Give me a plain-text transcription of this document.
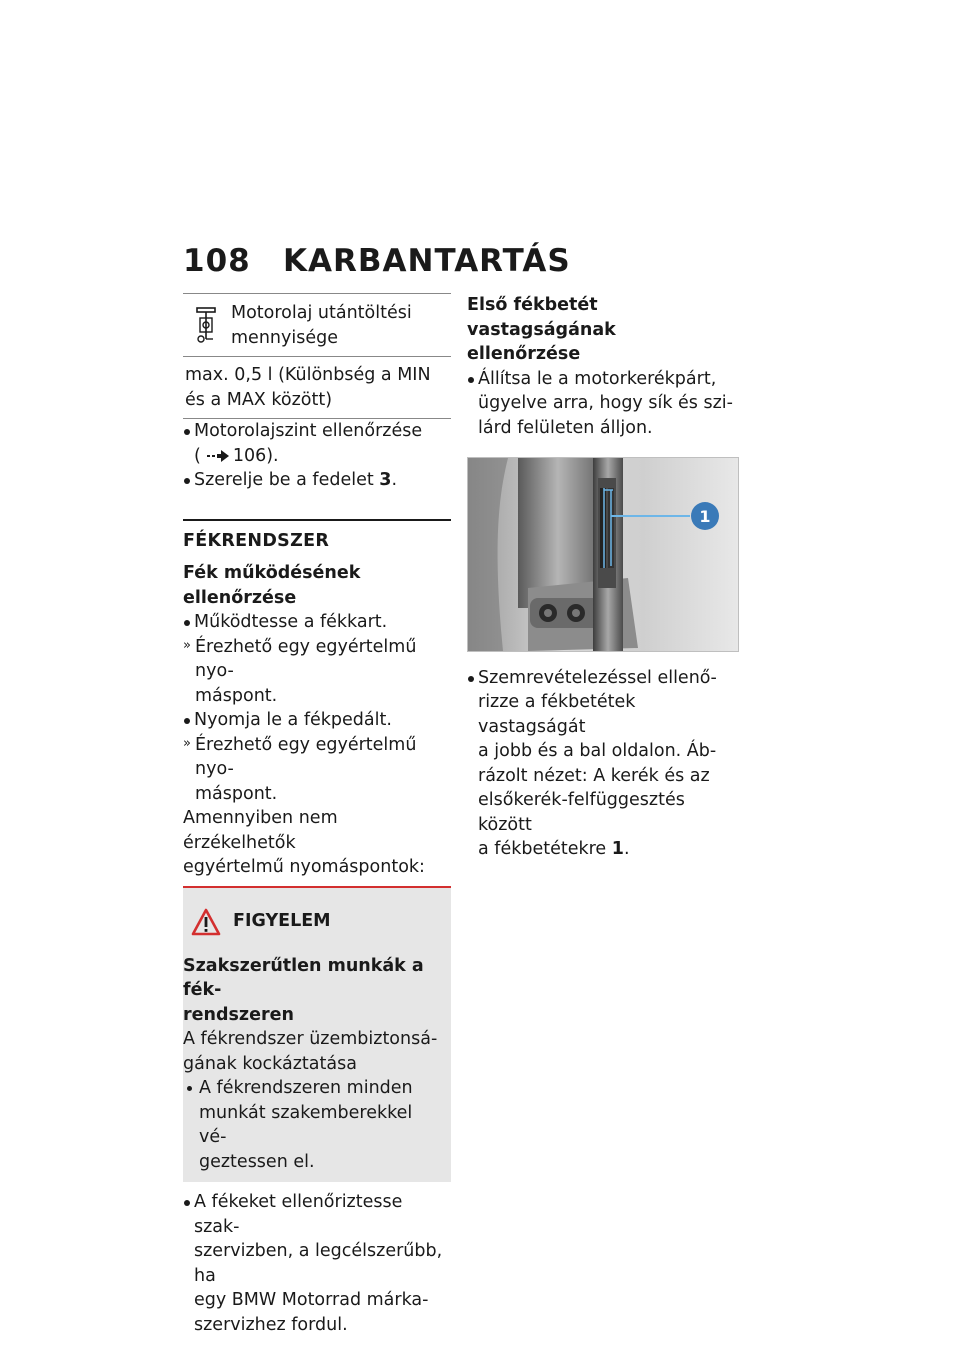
108 KARBANTARTÁS
Motorolaj utántöltési
mennyisége
max. 0,5 l (Különbség a MIN
és a MAX között)
Motorolajszint ellenőrzése
( 106).
Szerelje be a fedelet 3.
FÉKRENDSZER
Fék működésének ellenőrzése
Működtesse a fékkart.
» Érezhető egy egyértelmű nyo-
máspont.
Nyomja le a fékpedált.
» Érezhető egy egyértelmű nyo-
máspont.
Amennyiben nem érzékelhetők
egyértelmű nyomáspontok:
FIGYELEM
Szakszerűtlen munkák a fék-
rendszeren
A fékrendszer üzembiztonsá-
gának kockáztatása
A fékrendszeren minden
munkát szakemberekkel vé-
geztessen el.
A fékeket ellenőriztesse szak-
szervizben, a legcélszerűbb, ha
egy BMW Motorrad márka-
szervizhez fordul.
Első fékbetét vastagságának
ellenőrzése
Állítsa le a motorkerékpárt,
ügyelve arra, hogy sík és szi-
lárd felületen álljon.
1
Szemrevételezéssel ellenő-
rizze a fékbetétek vastagságát
a jobb és a bal oldalon. Áb-
rázolt nézet: A kerék és az
elsőkerék-felfüggesztés között
a fékbetétekre 1.
